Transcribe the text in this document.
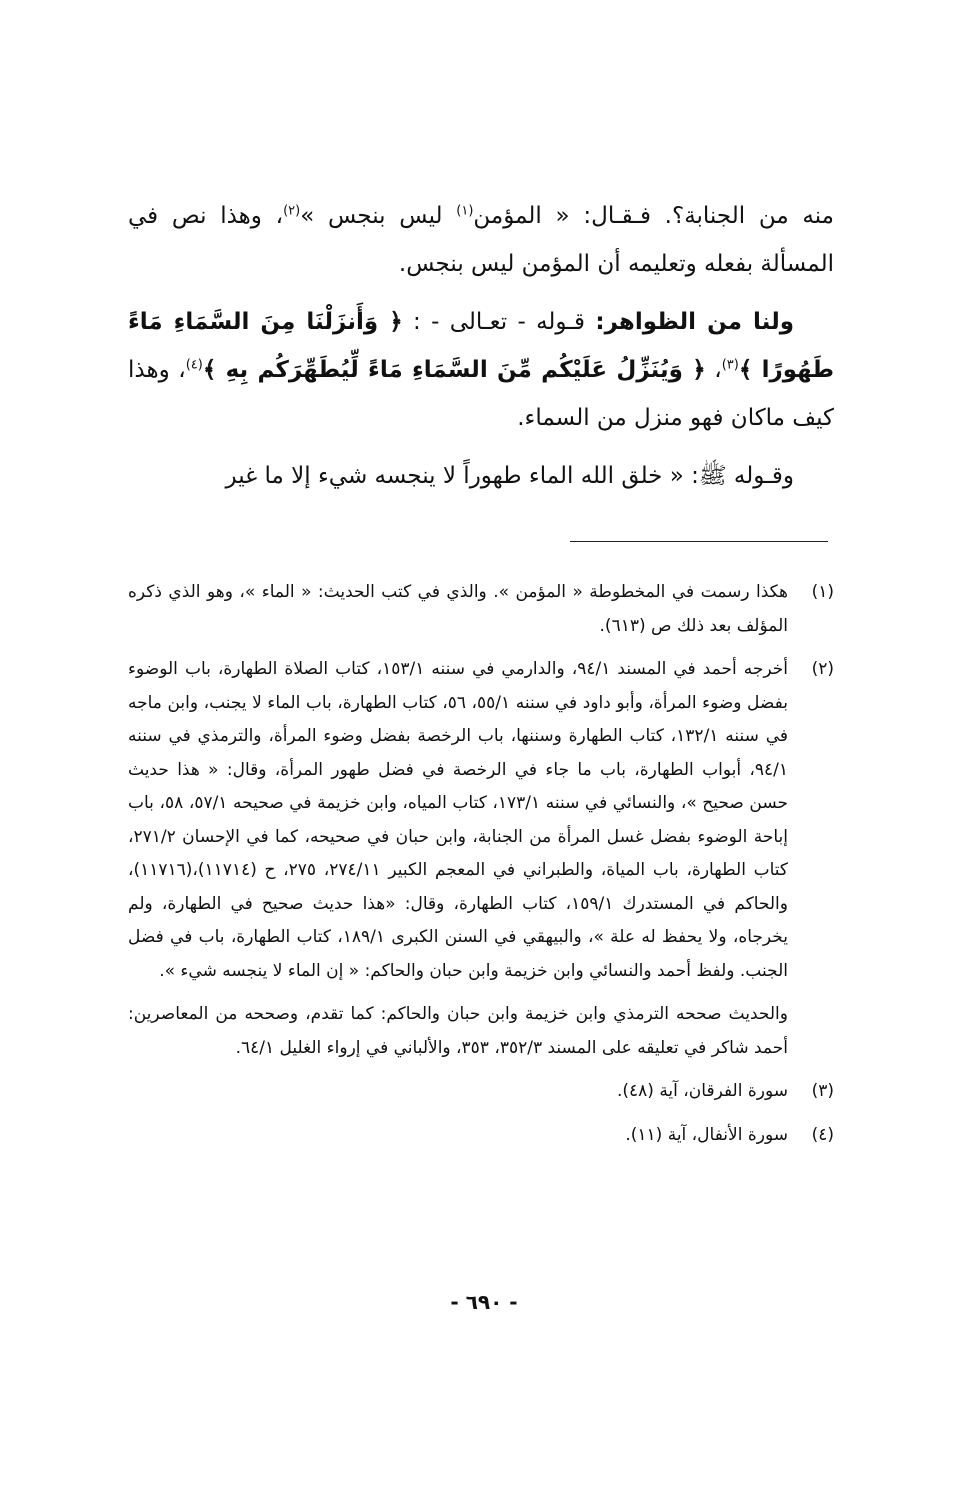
منه من الجنابة؟. فـقـال: « المؤمن$^{(١)}$ ليس بنجس »$^{(٢)}$، وهذا نص في المسألة بفعله وتعليمه أن المؤمن ليس بنجس.

ولنا من الظواهر: قـوله - تعـالى - : ﴿ وَأَنزَلْنَا مِنَ السَّمَاءِ مَاءً طَهُورًا ﴾$^{(٣)}$، ﴿ وَيُنَزِّلُ عَلَيْكُم مِّنَ السَّمَاءِ مَاءً لِّيُطَهِّرَكُم بِهِ ﴾$^{(٤)}$، وهذا كيف ماكان فهو منزل من السماء.

وقـوله ﷺ: « خلق الله الماء طهوراً لا ينجسه شيء إلا ما غير

(١)
هكذا رسمت في المخطوطة « المؤمن ». والذي في كتب الحديث: « الماء »، وهو الذي ذكره المؤلف بعد ذلك ص (٦١٣).
(٢)
أخرجه أحمد في المسند ٩٤/١، والدارمي في سننه ١٥٣/١، كتاب الصلاة الطهارة، باب الوضوء بفضل وضوء المرأة، وأبو داود في سننه ٥٥/١، ٥٦، كتاب الطهارة، باب الماء لا يجنب، وابن ماجه في سننه ١٣٢/١، كتاب الطهارة وسننها، باب الرخصة بفضل وضوء المرأة، والترمذي في سننه ٩٤/١، أبواب الطهارة، باب ما جاء في الرخصة في فضل طهور المرأة، وقال: « هذا حديث حسن صحيح »، والنسائي في سننه ١٧٣/١، كتاب المياه، وابن خزيمة في صحيحه ٥٧/١، ٥٨، باب إباحة الوضوء بفضل غسل المرأة من الجنابة، وابن حبان في صحيحه، كما في الإحسان ٢٧١/٢، كتاب الطهارة، باب المياة، والطبراني في المعجم الكبير ٢٧٤/١١، ٢٧٥، ح (١١٧١٤)،(١١٧١٦)، والحاكم في المستدرك ١٥٩/١، كتاب الطهارة، وقال: «هذا حديث صحيح في الطهارة، ولم يخرجاه، ولا يحفظ له علة »، والبيهقي في السنن الكبرى ١٨٩/١، كتاب الطهارة، باب في فضل الجنب. ولفظ أحمد والنسائي وابن خزيمة وابن حبان والحاكم: « إن الماء لا ينجسه شيء ».
والحديث صححه الترمذي وابن خزيمة وابن حبان والحاكم: كما تقدم، وصححه من المعاصرين: أحمد شاكر في تعليقه على المسند ٣٥٢/٣، ٣٥٣، والألباني في إرواء الغليل ٦٤/١.
(٣)
سورة الفرقان، آية (٤٨).
(٤)
سورة الأنفال، آية (١١).
- ٦٩٠ -
